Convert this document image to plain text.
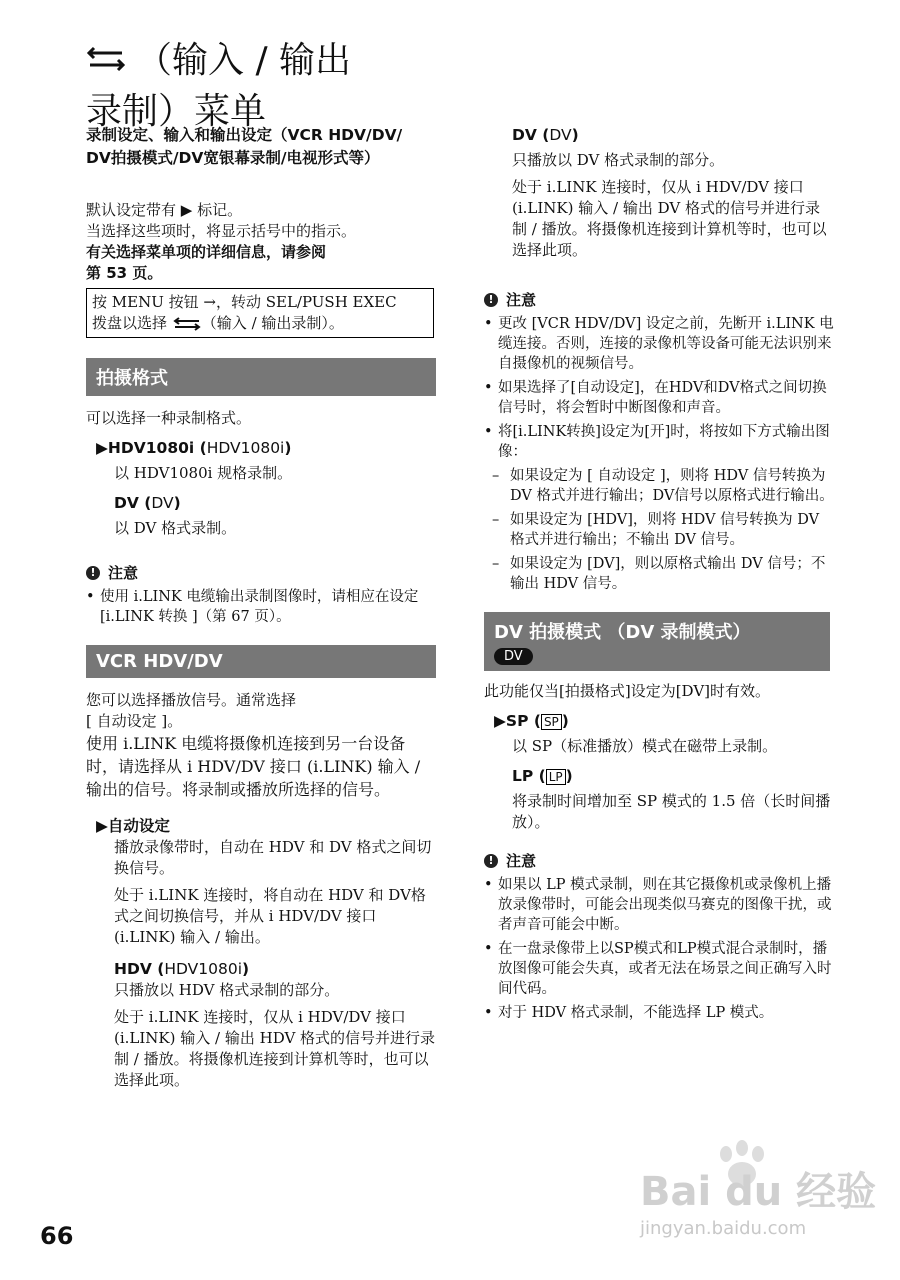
（输入 / 输出
录制）菜单
录制设定、输入和输出设定（VCR HDV/DV/
DV拍摄模式/DV宽银幕录制/电视形式等）
默认设定带有 ▶ 标记。
当选择这些项时，将显示括号中的指示。
有关选择菜单项的详细信息，请参阅
第 53 页。
按 MENU 按钮 →，转动 SEL/PUSH EXEC
拨盘以选择 （输入 / 输出录制）。
拍摄格式
可以选择一种录制格式。
▶HDV1080i (HDV1080i)
以 HDV1080i 规格录制。
DV (DV)
以 DV 格式录制。
! 注意
• 使用 i.LINK 电缆输出录制图像时，请相应在设定 [i.LINK 转换 ]（第 67 页）。
VCR HDV/DV
您可以选择播放信号。通常选择
[ 自动设定 ]。
使用 i.LINK 电缆将摄像机连接到另一台设备时，请选择从 i HDV/DV 接口 (i.LINK) 输入 / 输出的信号。将录制或播放所选择的信号。
▶自动设定
播放录像带时，自动在 HDV 和 DV 格式之间切换信号。
处于 i.LINK 连接时，将自动在 HDV 和 DV格式之间切换信号，并从 i HDV/DV 接口 (i.LINK) 输入 / 输出。
HDV (HDV1080i)
只播放以 HDV 格式录制的部分。
处于 i.LINK 连接时，仅从 i HDV/DV 接口 (i.LINK) 输入 / 输出 HDV 格式的信号并进行录制 / 播放。将摄像机连接到计算机等时，也可以选择此项。
DV (DV)
只播放以 DV 格式录制的部分。
处于 i.LINK 连接时，仅从 i HDV/DV 接口 (i.LINK) 输入 / 输出 DV 格式的信号并进行录制 / 播放。将摄像机连接到计算机等时，也可以选择此项。
! 注意
• 更改 [VCR HDV/DV] 设定之前，先断开 i.LINK 电缆连接。否则，连接的录像机等设备可能无法识别来自摄像机的视频信号。
• 如果选择了[自动设定]，在HDV和DV格式之间切换信号时，将会暂时中断图像和声音。
• 将[i.LINK转换]设定为[开]时，将按如下方式输出图像：
– 如果设定为 [ 自动设定 ]，则将 HDV 信号转换为DV 格式并进行输出；DV信号以原格式进行输出。
– 如果设定为 [HDV]，则将 HDV 信号转换为 DV 格式并进行输出；不输出 DV 信号。
– 如果设定为 [DV]，则以原格式输出 DV 信号；不输出 HDV 信号。
DV 拍摄模式 （DV 录制模式）
DV
此功能仅当[拍摄格式]设定为[DV]时有效。
▶SP ( SP )
以 SP（标准播放）模式在磁带上录制。
LP ( LP )
将录制时间增加至 SP 模式的 1.5 倍（长时间播放）。
! 注意
• 如果以 LP 模式录制，则在其它摄像机或录像机上播放录像带时，可能会出现类似马赛克的图像干扰，或者声音可能会中断。
• 在一盘录像带上以SP模式和LP模式混合录制时，播放图像可能会失真，或者无法在场景之间正确写入时间代码。
• 对于 HDV 格式录制，不能选择 LP 模式。
66
Bai du 经验
jingyan.baidu.com
